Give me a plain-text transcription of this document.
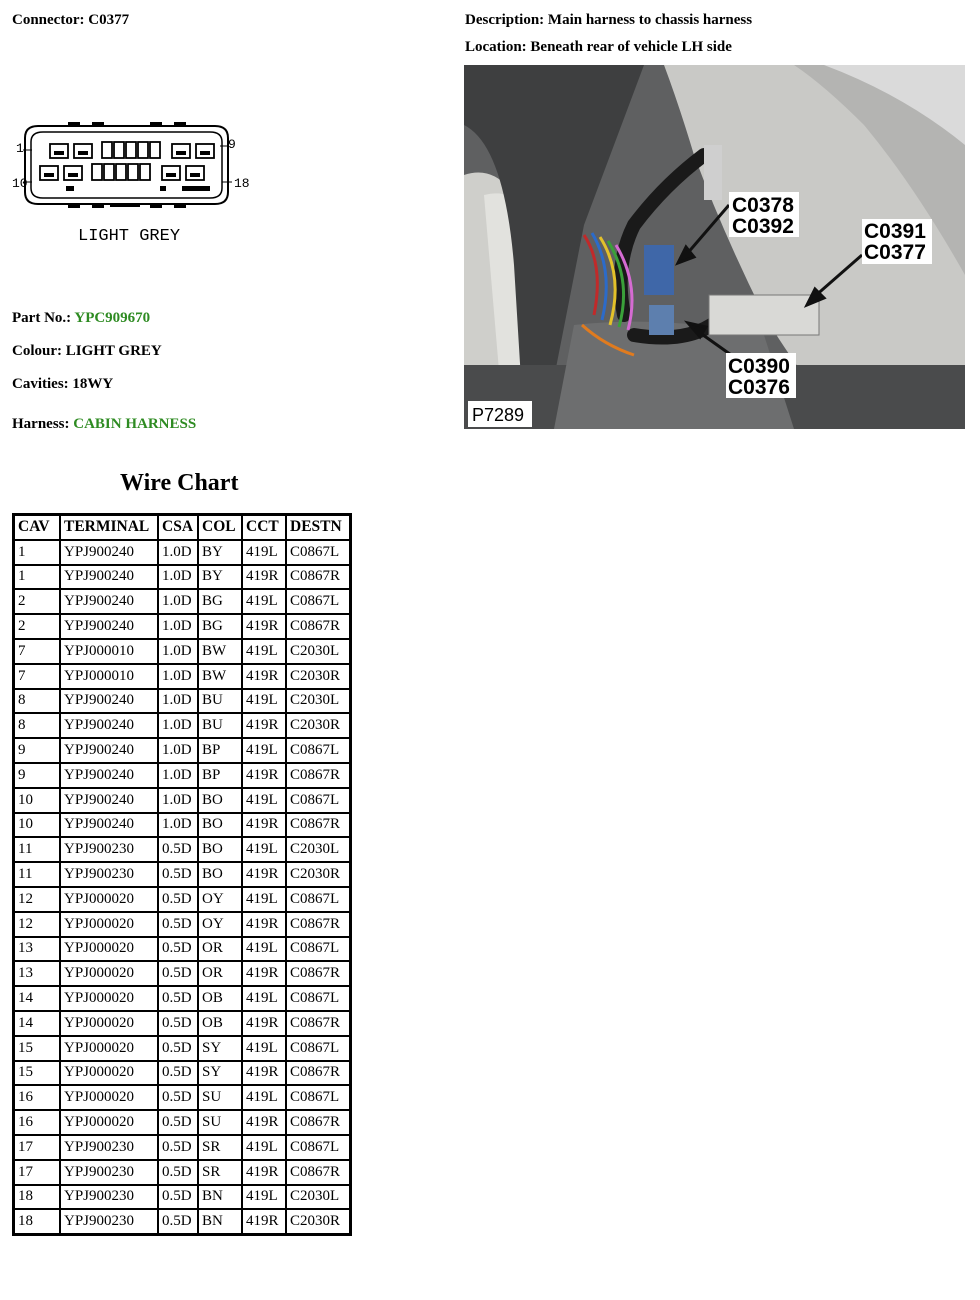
Connector: C0377	Description: Main harness to chassis harness
Location: Beneath rear of vehicle LH side
1	9
10	18
LIGHT GREY
Part No.: YPC909670
Colour: LIGHT GREY
Cavities: 18WY
Harness: CABIN HARNESS
C0378
C0392	C0391
C0377
C0390
C0376
P7289
Wire Chart
CAV	TERMINAL	CSA	COL	CCT	DESTN
1	YPJ900240	1.0D	BY	419L	C0867L
1	YPJ900240	1.0D	BY	419R	C0867R
2	YPJ900240	1.0D	BG	419L	C0867L
2	YPJ900240	1.0D	BG	419R	C0867R
7	YPJ000010	1.0D	BW	419L	C2030L
7	YPJ000010	1.0D	BW	419R	C2030R
8	YPJ900240	1.0D	BU	419L	C2030L
8	YPJ900240	1.0D	BU	419R	C2030R
9	YPJ900240	1.0D	BP	419L	C0867L
9	YPJ900240	1.0D	BP	419R	C0867R
10	YPJ900240	1.0D	BO	419L	C0867L
10	YPJ900240	1.0D	BO	419R	C0867R
11	YPJ900230	0.5D	BO	419L	C2030L
11	YPJ900230	0.5D	BO	419R	C2030R
12	YPJ000020	0.5D	OY	419L	C0867L
12	YPJ000020	0.5D	OY	419R	C0867R
13	YPJ000020	0.5D	OR	419L	C0867L
13	YPJ000020	0.5D	OR	419R	C0867R
14	YPJ000020	0.5D	OB	419L	C0867L
14	YPJ000020	0.5D	OB	419R	C0867R
15	YPJ000020	0.5D	SY	419L	C0867L
15	YPJ000020	0.5D	SY	419R	C0867R
16	YPJ000020	0.5D	SU	419L	C0867L
16	YPJ000020	0.5D	SU	419R	C0867R
17	YPJ900230	0.5D	SR	419L	C0867L
17	YPJ900230	0.5D	SR	419R	C0867R
18	YPJ900230	0.5D	BN	419L	C2030L
18	YPJ900230	0.5D	BN	419R	C2030R
